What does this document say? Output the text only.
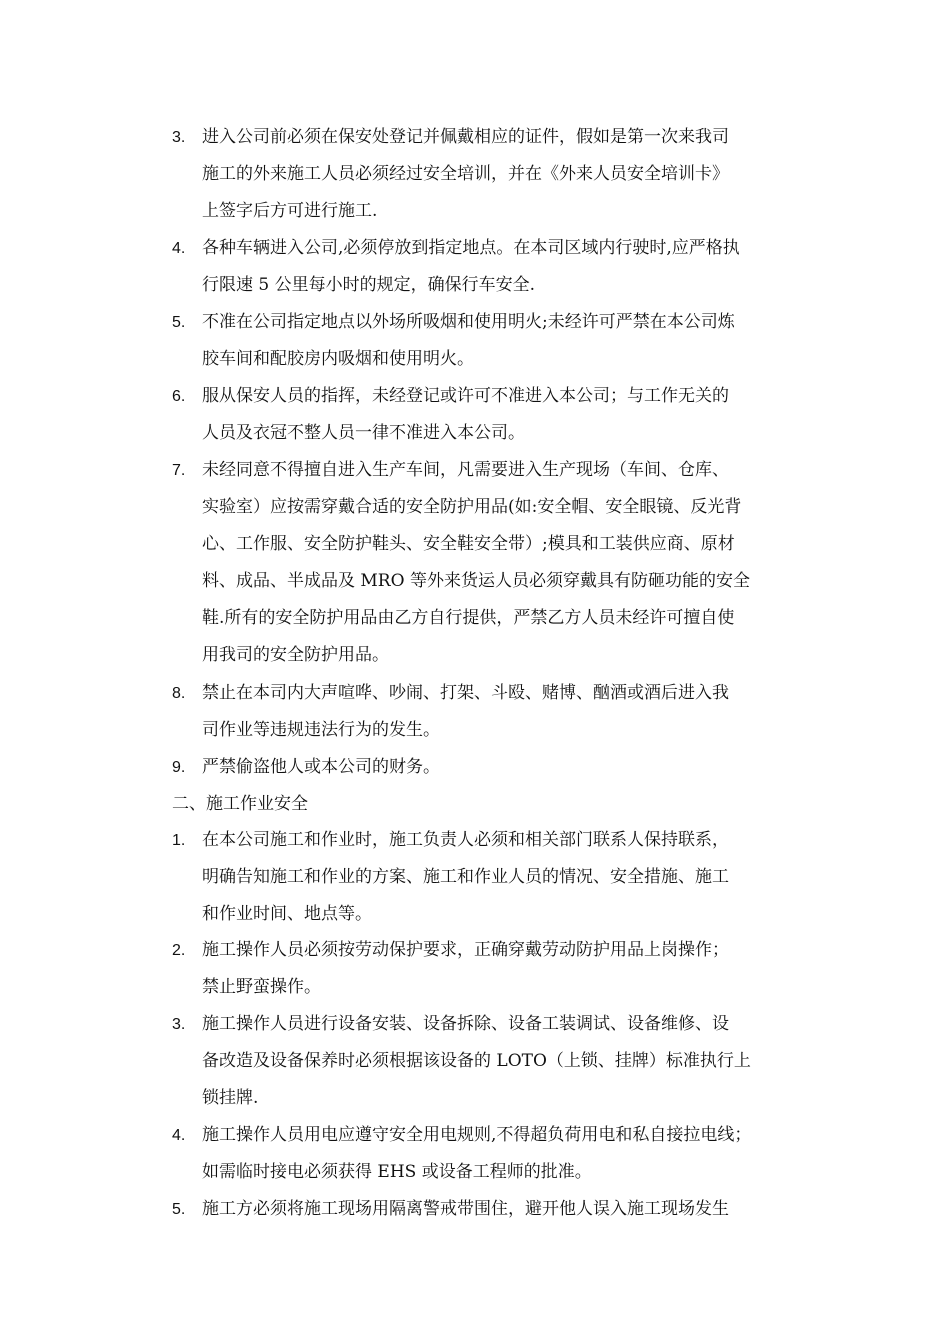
3. 进入公司前必须在保安处登记并佩戴相应的证件，假如是第一次来我司
施工的外来施工人员必须经过安全培训，并在《外来人员安全培训卡》
上签字后方可进行施工.
4. 各种车辆进入公司,必须停放到指定地点。在本司区域内行驶时,应严格执
行限速 5 公里每小时的规定，确保行车安全.
5. 不准在公司指定地点以外场所吸烟和使用明火;未经许可严禁在本公司炼
胶车间和配胶房内吸烟和使用明火。
6. 服从保安人员的指挥，未经登记或许可不准进入本公司；与工作无关的
人员及衣冠不整人员一律不准进入本公司。
7. 未经同意不得擅自进入生产车间，凡需要进入生产现场（车间、仓库、
实验室）应按需穿戴合适的安全防护用品(如:安全帽、安全眼镜、反光背
心、工作服、安全防护鞋头、安全鞋安全带）;模具和工装供应商、原材
料、成品、半成品及 MRO 等外来货运人员必须穿戴具有防砸功能的安全
鞋.所有的安全防护用品由乙方自行提供，严禁乙方人员未经许可擅自使
用我司的安全防护用品。
8. 禁止在本司内大声喧哗、吵闹、打架、斗殴、赌博、酗酒或酒后进入我
司作业等违规违法行为的发生。
9. 严禁偷盗他人或本公司的财务。
二、施工作业安全
1. 在本公司施工和作业时，施工负责人必须和相关部门联系人保持联系，
明确告知施工和作业的方案、施工和作业人员的情况、安全措施、施工
和作业时间、地点等。
2. 施工操作人员必须按劳动保护要求，正确穿戴劳动防护用品上岗操作；
禁止野蛮操作。
3. 施工操作人员进行设备安装、设备拆除、设备工装调试、设备维修、设
备改造及设备保养时必须根据该设备的 LOTO（上锁、挂牌）标准执行上
锁挂牌.
4. 施工操作人员用电应遵守安全用电规则,不得超负荷用电和私自接拉电线；
如需临时接电必须获得 EHS 或设备工程师的批准。
5. 施工方必须将施工现场用隔离警戒带围住，避开他人误入施工现场发生
